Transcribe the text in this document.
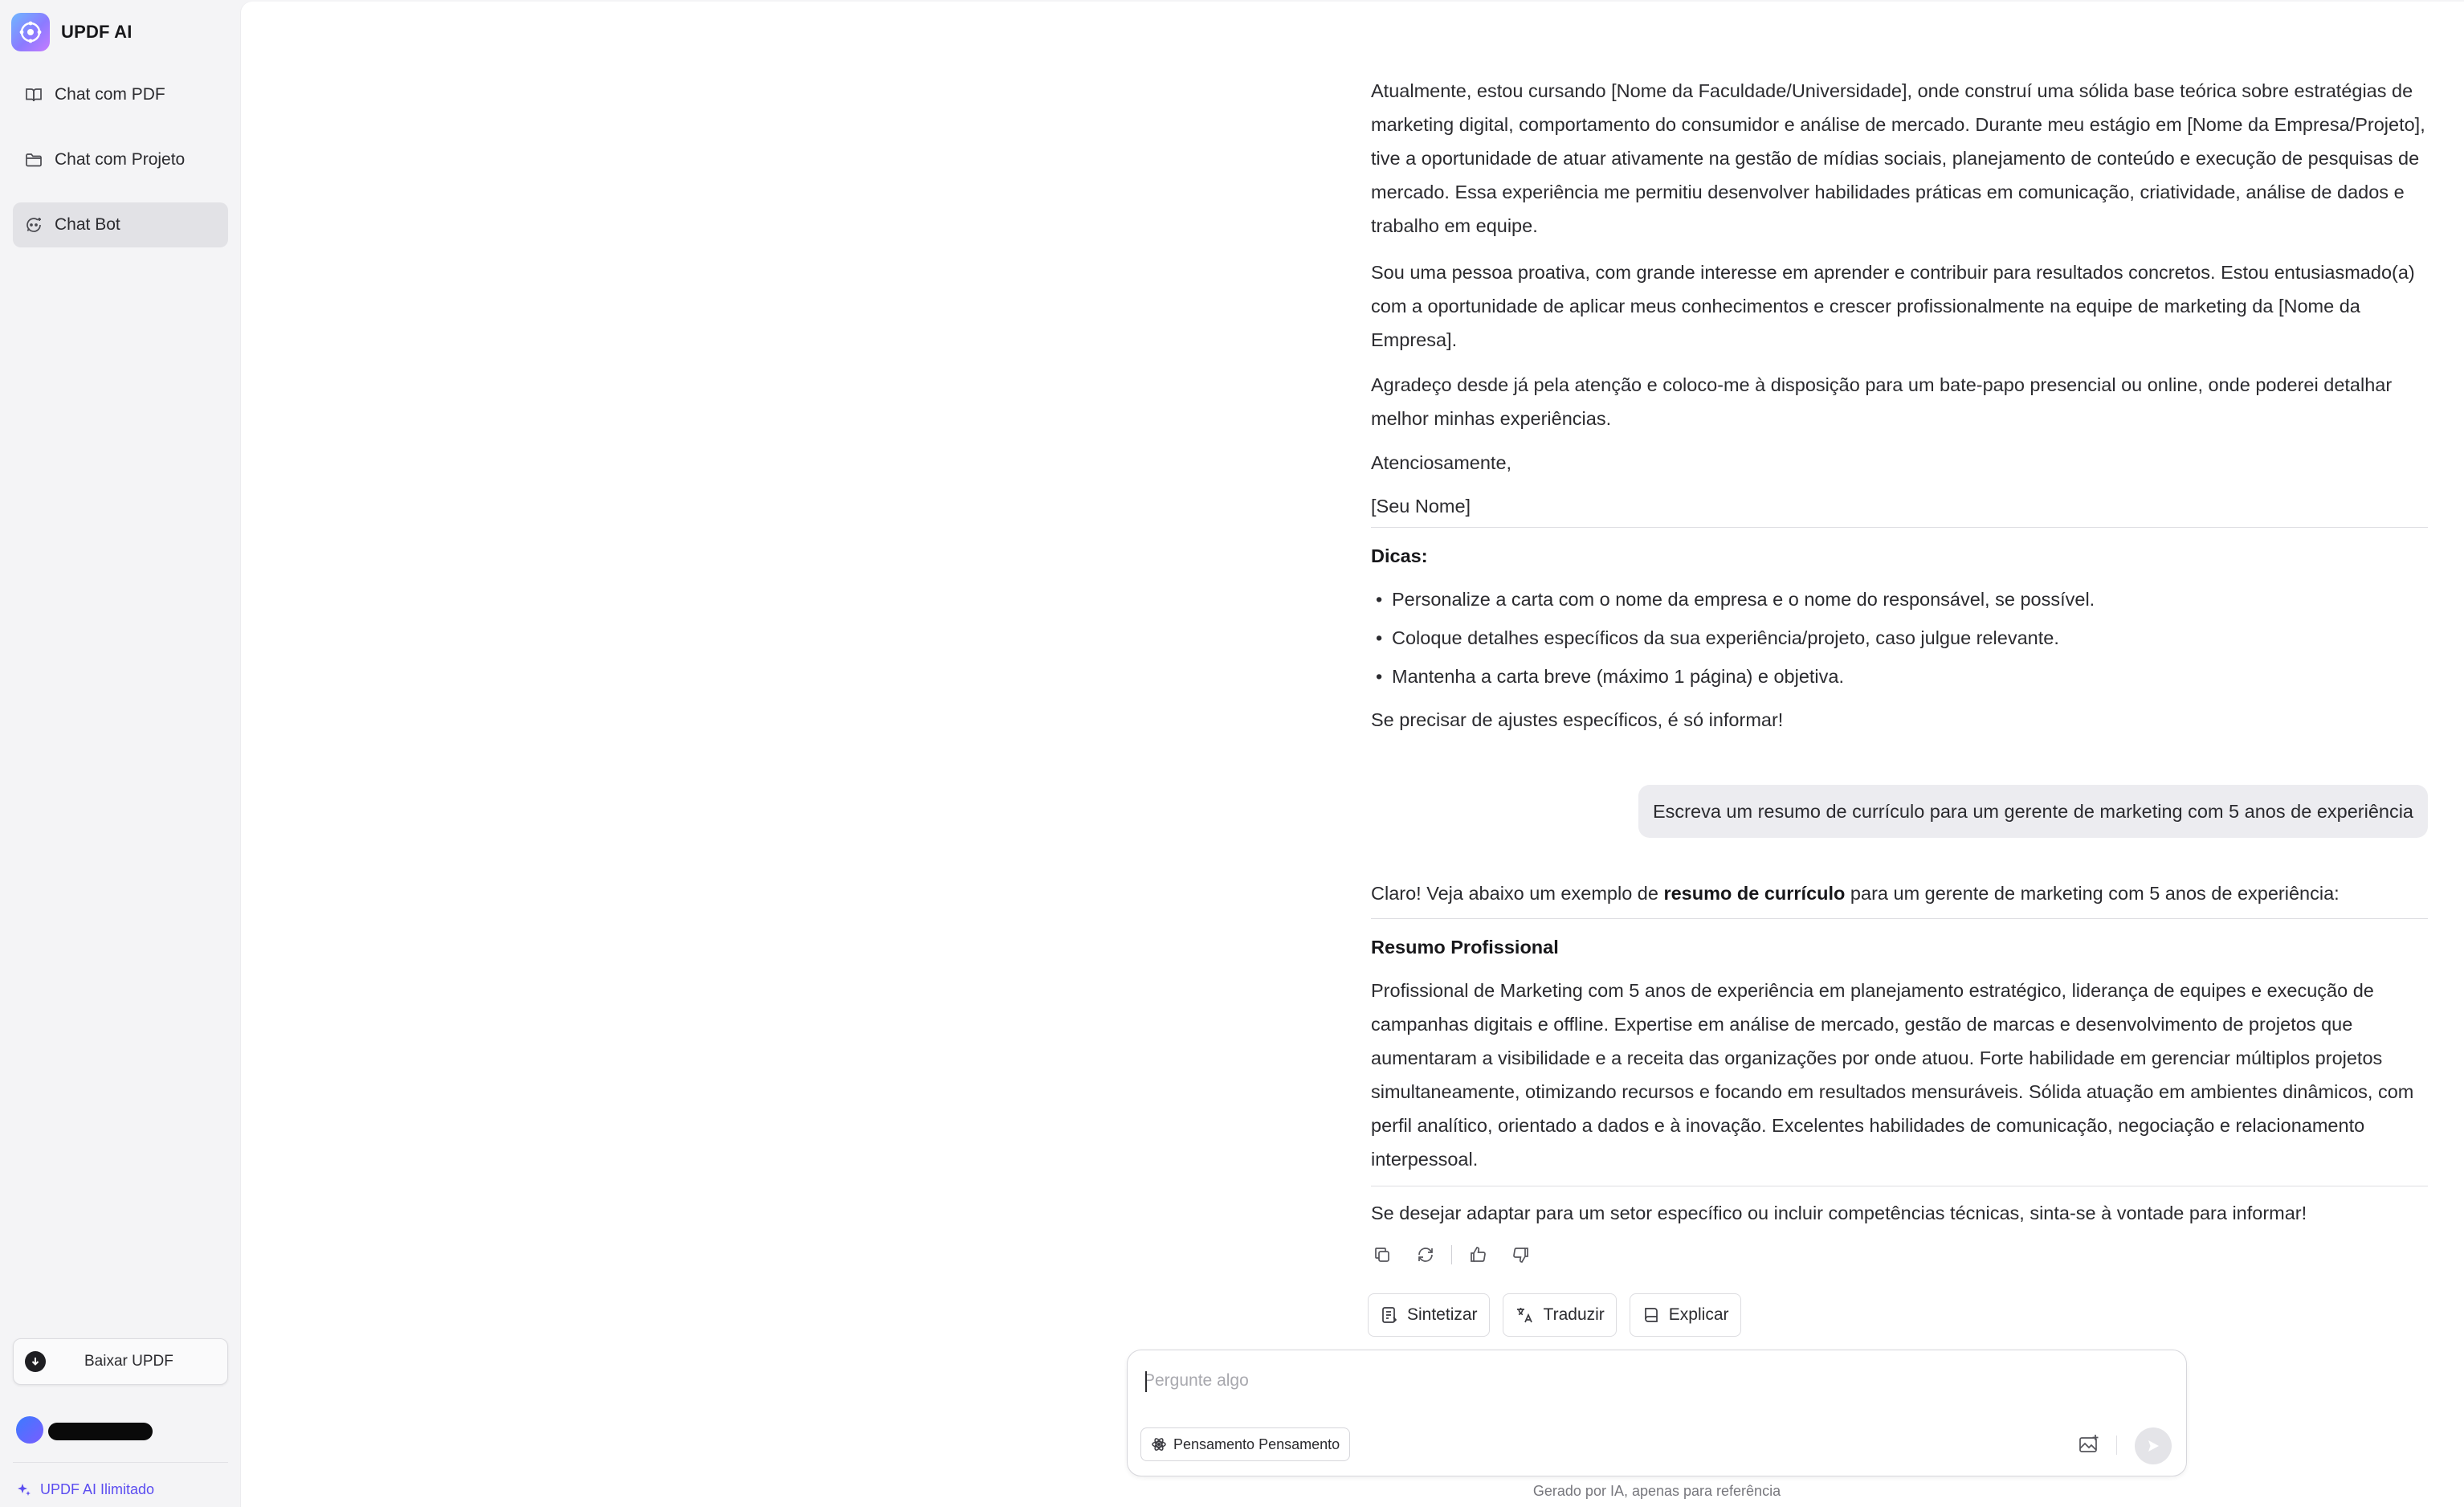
UPDF AI
Chat com PDF
Chat com Projeto
Chat Bot
Baixar UPDF
UPDF AI Ilimitado

Atualmente, estou cursando [Nome da Faculdade/Universidade], onde construí uma sólida base teórica sobre estratégias de marketing digital, comportamento do consumidor e análise de mercado. Durante meu estágio em [Nome da Empresa/Projeto], tive a oportunidade de atuar ativamente na gestão de mídias sociais, planejamento de conteúdo e execução de pesquisas de mercado. Essa experiência me permitiu desenvolver habilidades práticas em comunicação, criatividade, análise de dados e trabalho em equipe.

Sou uma pessoa proativa, com grande interesse em aprender e contribuir para resultados concretos. Estou entusiasmado(a) com a oportunidade de aplicar meus conhecimentos e crescer profissionalmente na equipe de marketing da [Nome da Empresa].

Agradeço desde já pela atenção e coloco-me à disposição para um bate-papo presencial ou online, onde poderei detalhar melhor minhas experiências.

Atenciosamente,

[Seu Nome]

Dicas:

• Personalize a carta com o nome da empresa e o nome do responsável, se possível.
• Coloque detalhes específicos da sua experiência/projeto, caso julgue relevante.
• Mantenha a carta breve (máximo 1 página) e objetiva.

Se precisar de ajustes específicos, é só informar!

Escreva um resumo de currículo para um gerente de marketing com 5 anos de experiência

Claro! Veja abaixo um exemplo de resumo de currículo para um gerente de marketing com 5 anos de experiência:

Resumo Profissional

Profissional de Marketing com 5 anos de experiência em planejamento estratégico, liderança de equipes e execução de campanhas digitais e offline. Expertise em análise de mercado, gestão de marcas e desenvolvimento de projetos que aumentaram a visibilidade e a receita das organizações por onde atuou. Forte habilidade em gerenciar múltiplos projetos simultaneamente, otimizando recursos e focando em resultados mensuráveis. Sólida atuação em ambientes dinâmicos, com perfil analítico, orientado a dados e à inovação. Excelentes habilidades de comunicação, negociação e relacionamento interpessoal.

Se desejar adaptar para um setor específico ou incluir competências técnicas, sinta-se à vontade para informar!

Sintetizar	Traduzir	Explicar
Pergunte algo
Pensamento Pensamento
Gerado por IA, apenas para referência
